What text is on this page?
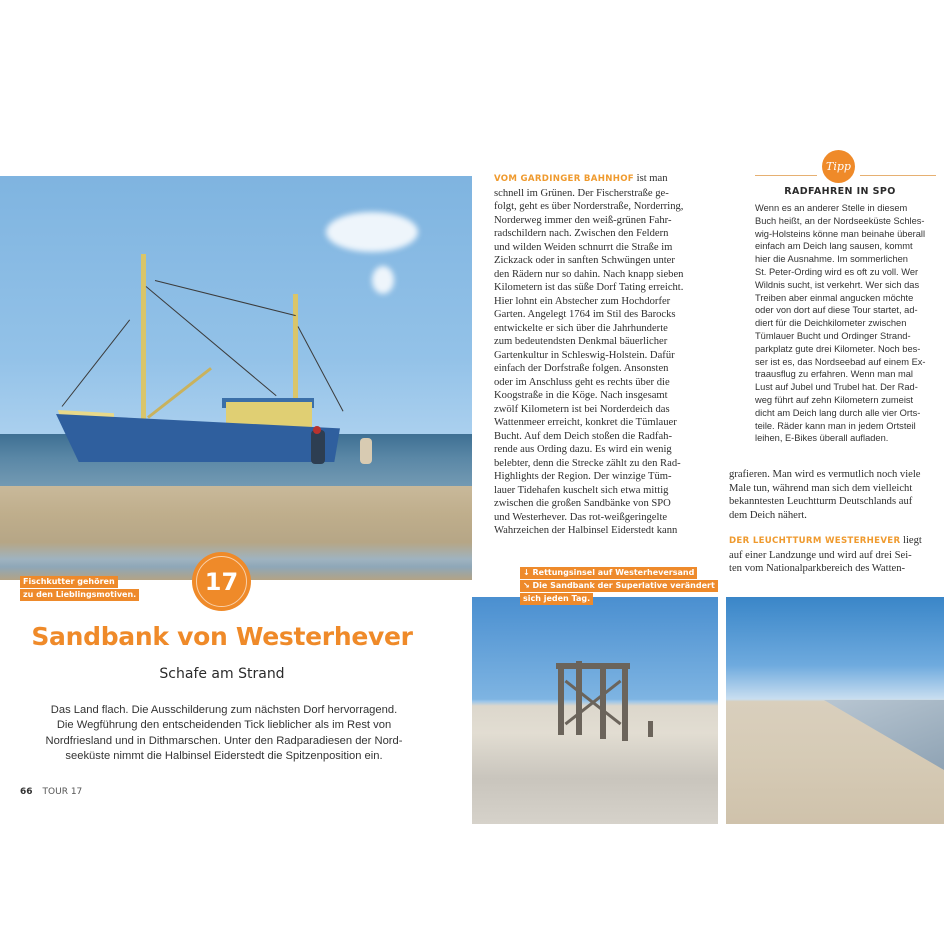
Fischkutter gehören
zu den Lieblingsmotiven.	17
Sandbank von Westerhever
Schafe am Strand
Das Land flach. Die Ausschilderung zum nächsten Dorf hervorragend.
Die Wegführung den entscheidenden Tick lieblicher als im Rest von
Nordfriesland und in Dithmarschen. Unter den Radparadiesen der Nord-
seeküste nimmt die Halbinsel Eiderstedt die Spitzenposition ein.
66 TOUR 17
VOM GARDINGER BAHNHOF ist man
schnell im Grünen. Der Fischerstraße ge-
folgt, geht es über Norderstraße, Norderring,
Norderweg immer den weiß-grünen Fahr-
radschildern nach. Zwischen den Feldern
und wilden Weiden schnurrt die Straße im
Zickzack oder in sanften Schwüngen unter
den Rädern nur so dahin. Nach knapp sieben
Kilometern ist das süße Dorf Tating erreicht.
Hier lohnt ein Abstecher zum Hochdorfer
Garten. Angelegt 1764 im Stil des Barocks
entwickelte er sich über die Jahrhunderte
zum bedeutendsten Denkmal bäuerlicher
Gartenkultur in Schleswig-Holstein. Dafür
einfach der Dorfstraße folgen. Ansonsten
oder im Anschluss geht es rechts über die
Koogstraße in die Köge. Nach insgesamt
zwölf Kilometern ist bei Norderdeich das
Wattenmeer erreicht, konkret die Tümlauer
Bucht. Auf dem Deich stoßen die Radfah-
rende aus Ording dazu. Es wird ein wenig
belebter, denn die Strecke zählt zu den Rad-
Highlights der Region. Der winzige Tüm-
lauer Tidehafen kuschelt sich etwa mittig
zwischen die großen Sandbänke von SPO
und Westerhever. Das rot-weißgeringelte
Wahrzeichen der Halbinsel Eiderstedt kann
Tipp
RADFAHREN IN SPO
Wenn es an anderer Stelle in diesem
Buch heißt, an der Nordseeküste Schles-
wig-Holsteins könne man beinahe überall
einfach am Deich lang sausen, kommt
hier die Ausnahme. Im sommerlichen
St. Peter-Ording wird es oft zu voll. Wer
Wildnis sucht, ist verkehrt. Wer sich das
Treiben aber einmal angucken möchte
oder von dort auf diese Tour startet, ad-
diert für die Deichkilometer zwischen
Tümlauer Bucht und Ordinger Strand-
parkplatz gute drei Kilometer. Noch bes-
ser ist es, das Nordseebad auf einem Ex-
traausflug zu erfahren. Wenn man mal
Lust auf Jubel und Trubel hat. Der Rad-
weg führt auf zehn Kilometern zumeist
dicht am Deich lang durch alle vier Orts-
teile. Räder kann man in jedem Ortsteil
leihen, E-Bikes überall aufladen.
grafieren. Man wird es vermutlich noch viele
Male tun, während man sich dem vielleicht
bekanntesten Leuchtturm Deutschlands auf
dem Deich nähert.
DER LEUCHTTURM WESTERHEVER liegt
auf einer Landzunge und wird auf drei Sei-
ten vom Nationalparkbereich des Watten-
↓ Rettungsinsel auf Westerheversand
↘ Die Sandbank der Superlative verändert
sich jeden Tag.
